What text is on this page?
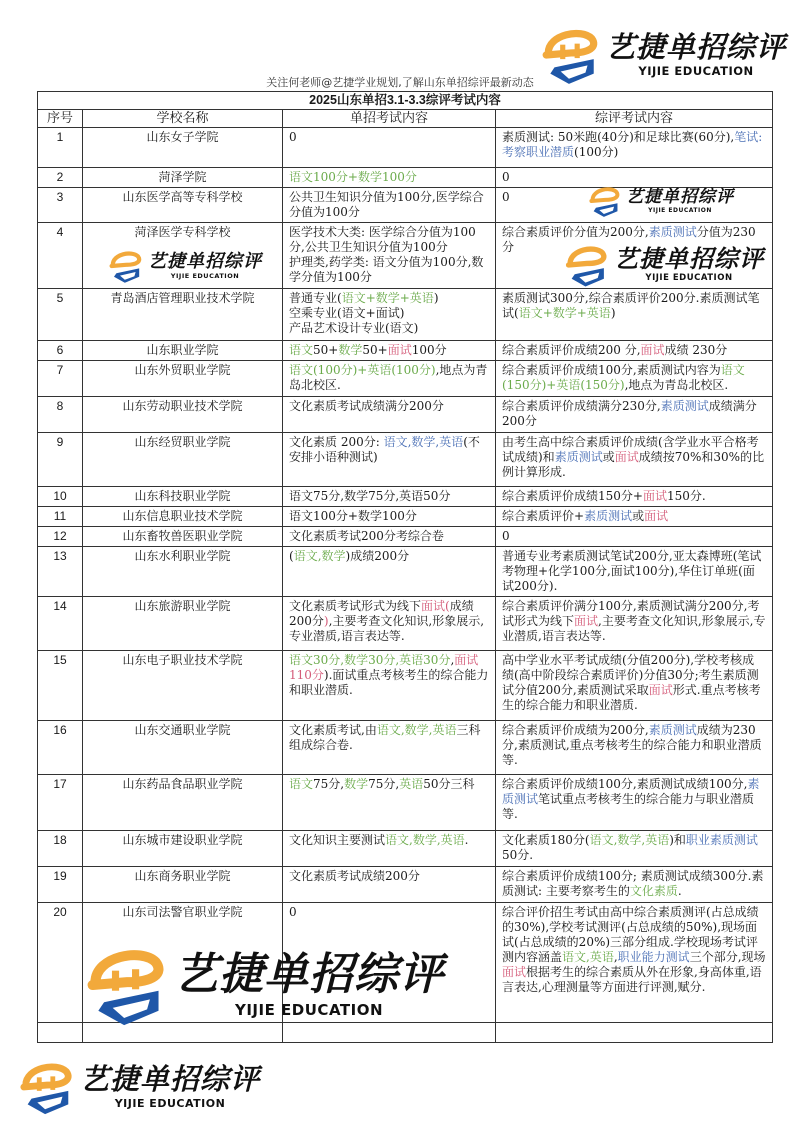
艺捷单招综评
YIJIE EDUCATION
关注何老师@艺捷学业规划,了解山东单招综评最新动态
2025山东单招3.1-3.3综评考试内容			
序号	学校名称	单招考试内容	综评考试内容
1	山东女子学院	0	素质测试: 50米跑(40分)和足球比赛(60分),笔试: 考察职业潜质(100分)

2	菏泽学院	语文100分+数学100分	0

3	山东医学高等专科学校	公共卫生知识分值为100分,医学综合分值为100分	0

4	菏泽医学专科学校	医学技术大类: 医学综合分值为100分,公共卫生知识分值为100分
护理类,药学类: 语文分值为100分,数学分值为100分	综合素质评价分值为200分,素质测试分值为230分

5	青岛酒店管理职业技术学院	普通专业(语文+数学+英语)
空乘专业(语文+面试)
产品艺术设计专业(语文)	素质测试300分,综合素质评价200分.素质测试笔试(语文+数学+英语)

6	山东职业学院	语文50+数学50+面试100分	综合素质评价成绩200 分,面试成绩 230分

7	山东外贸职业学院	语文(100分)+英语(100分),地点为青岛北校区.	综合素质评价成绩100分,素质测试内容为语文(150分)+英语(150分),地点为青岛北校区.

8	山东劳动职业技术学院	文化素质考试成绩满分200分	综合素质评价成绩满分230分,素质测试成绩满分200分

9	山东经贸职业学院	文化素质 200分: 语文,数学,英语(不安排小语种测试)	由考生高中综合素质评价成绩(含学业水平合格考试成绩)和素质测试或面试成绩按70%和30%的比例计算形成.

10	山东科技职业学院	语文75分,数学75分,英语50分	综合素质评价成绩150分+面试150分.

11	山东信息职业技术学院	语文100分+数学100分	综合素质评价+素质测试或面试

12	山东畜牧兽医职业学院	文化素质考试200分考综合卷	0

13	山东水利职业学院	(语文,数学)成绩200分	普通专业考素质测试笔试200分,亚太森博班(笔试考物理+化学100分,面试100分),华住订单班(面试200分).

14	山东旅游职业学院	文化素质考试形式为线下面试(成绩200分),主要考查文化知识,形象展示,专业潜质,语言表达等.	综合素质评价满分100分,素质测试满分200分,考试形式为线下面试,主要考查文化知识,形象展示,专业潜质,语言表达等.

15	山东电子职业技术学院	语文30分,数学30分,英语30分,面试110分).面试重点考核考生的综合能力和职业潜质.	高中学业水平考试成绩(分值200分),学校考核成绩(高中阶段综合素质评价)分值30分;考生素质测试分值200分,素质测试采取面试形式.重点考核考生的综合能力和职业潜质.

16	山东交通职业学院	文化素质考试,由语文,数学,英语三科组成综合卷.	综合素质评价成绩为200分,素质测试成绩为230分,素质测试,重点考核考生的综合能力和职业潜质等.

17	山东药品食品职业学院	语文75分,数学75分,英语50分三科	综合素质评价成绩100分,素质测试成绩100分,素质测试笔试重点考核考生的综合能力与职业潜质等.

18	山东城市建设职业学院	文化知识主要测试语文,数学,英语.	文化素质180分(语文,数学,英语)和职业素质测试50分.

19	山东商务职业学院	文化素质考试成绩200分	综合素质评价成绩100分; 素质测试成绩300分.素质测试: 主要考察考生的文化素质.

20	山东司法警官职业学院	0	综合评价招生考试由高中综合素质测评(占总成绩的30%),学校考试测评(占总成绩的50%),现场面试(占总成绩的20%)三部分组成.学校现场考试评测内容涵盖语文,英语,职业能力测试三个部分,现场面试根据考生的综合素质从外在形象,身高体重,语言表达,心理测量等方面进行评测,赋分.

艺捷单招综评
YIJIE EDUCATION
艺捷单招综评
YIJIE EDUCATION
艺捷单招综评
YIJIE EDUCATION
艺捷单招综评
YIJIE EDUCATION
艺捷单招综评
YIJIE EDUCATION
